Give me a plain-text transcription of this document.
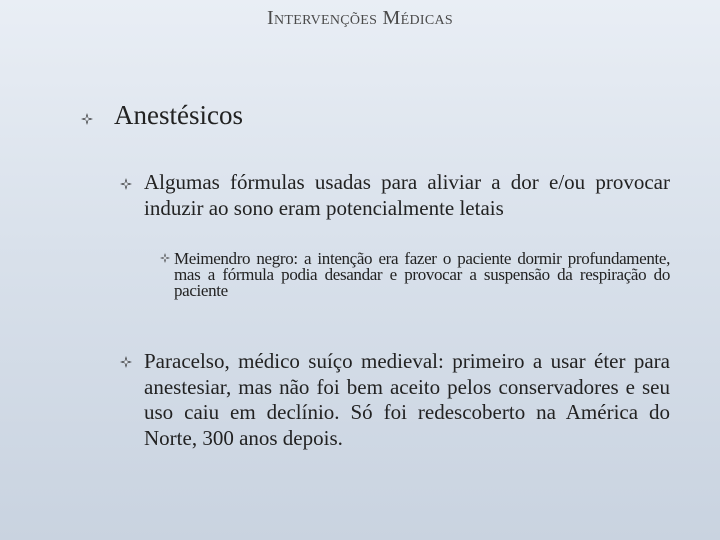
Intervenções Médicas
Anestésicos
Algumas fórmulas usadas para aliviar a dor e/ou provocar induzir ao sono eram potencialmente letais
Meimendro negro: a intenção era fazer o paciente dormir profundamente, mas a fórmula podia desandar e provocar a suspensão da respiração do paciente
Paracelso, médico suíço medieval: primeiro a usar éter para anestesiar, mas não foi bem aceito pelos conservadores e seu uso caiu em declínio. Só foi redescoberto na América do Norte, 300 anos depois.
